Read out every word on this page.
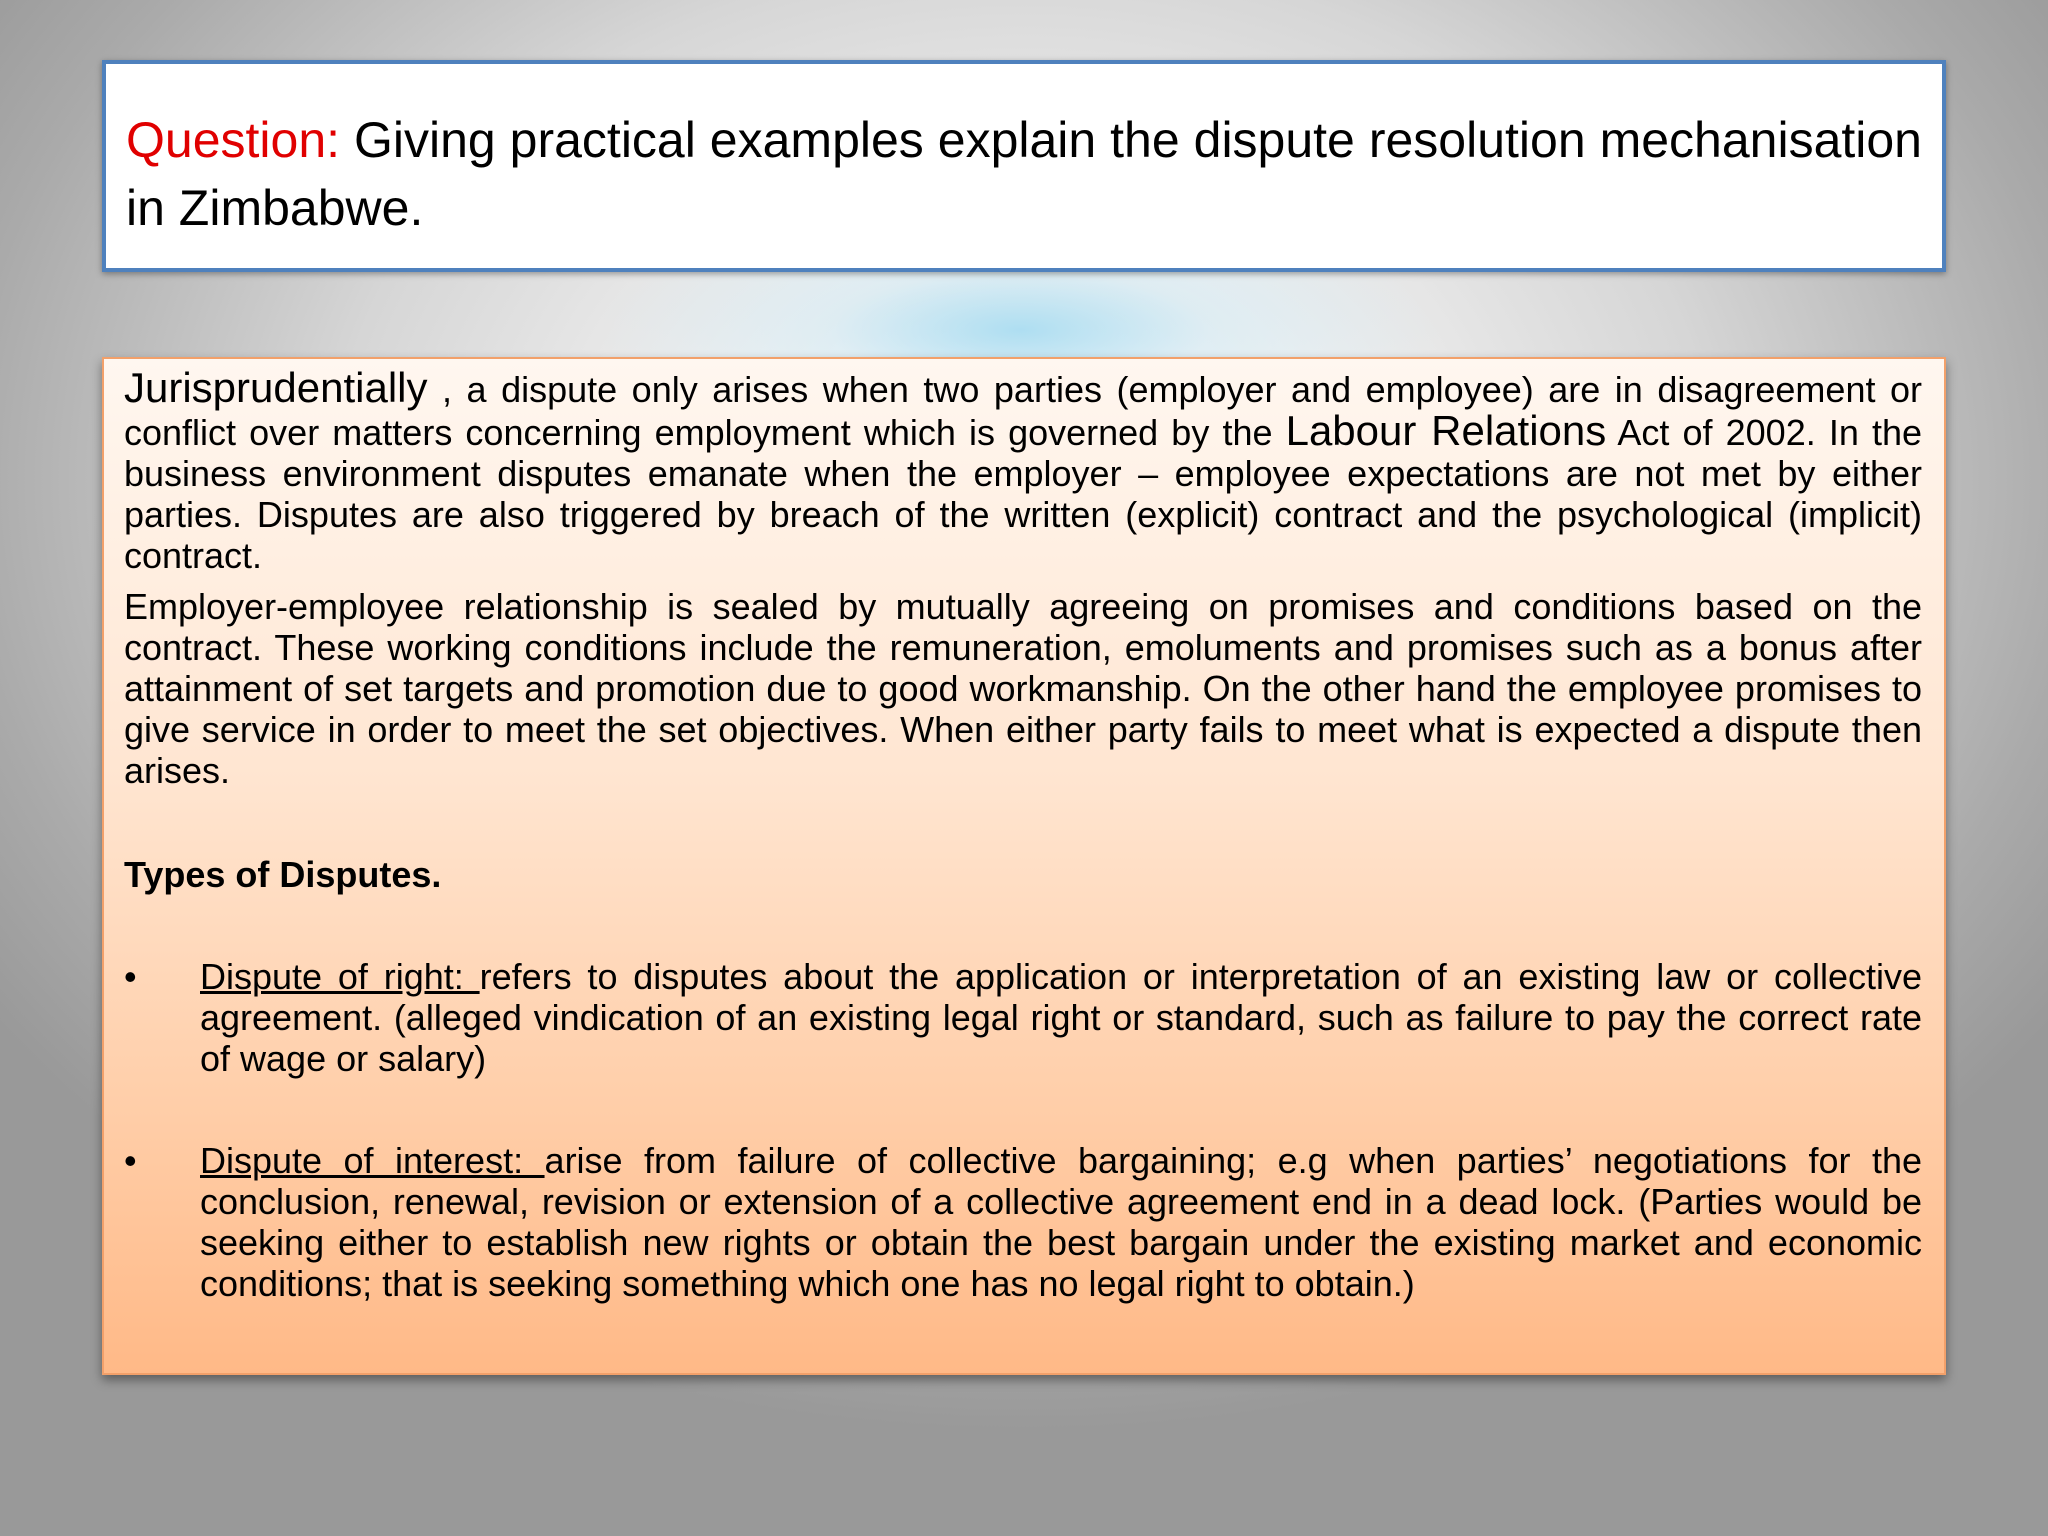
Question: Giving practical examples explain the dispute resolution mechanisation in Zimbabwe.

Jurisprudentially , a dispute only arises when two parties (employer and employee) are in disagreement or conflict over matters concerning employment which is governed by the Labour Relations Act of 2002. In the business environment disputes emanate when the employer – employee expectations are not met by either parties. Disputes are also triggered by breach of the written (explicit) contract and the psychological (implicit) contract.

Employer-employee relationship is sealed by mutually agreeing on promises and conditions based on the contract. These working conditions include the remuneration, emoluments and promises such as a bonus after attainment of set targets and promotion due to good workmanship. On the other hand the employee promises to give service in order to meet the set objectives. When either party fails to meet what is expected a dispute then arises.

Types of Disputes.

• Dispute of right: refers to disputes about the application or interpretation of an existing law or collective agreement. (alleged vindication of an existing legal right or standard, such as failure to pay the correct rate of wage or salary)
• Dispute of interest: arise from failure of collective bargaining; e.g when parties’ negotiations for the conclusion, renewal, revision or extension of a collective agreement end in a dead lock. (Parties would be seeking either to establish new rights or obtain the best bargain under the existing market and economic conditions; that is seeking something which one has no legal right to obtain.)
